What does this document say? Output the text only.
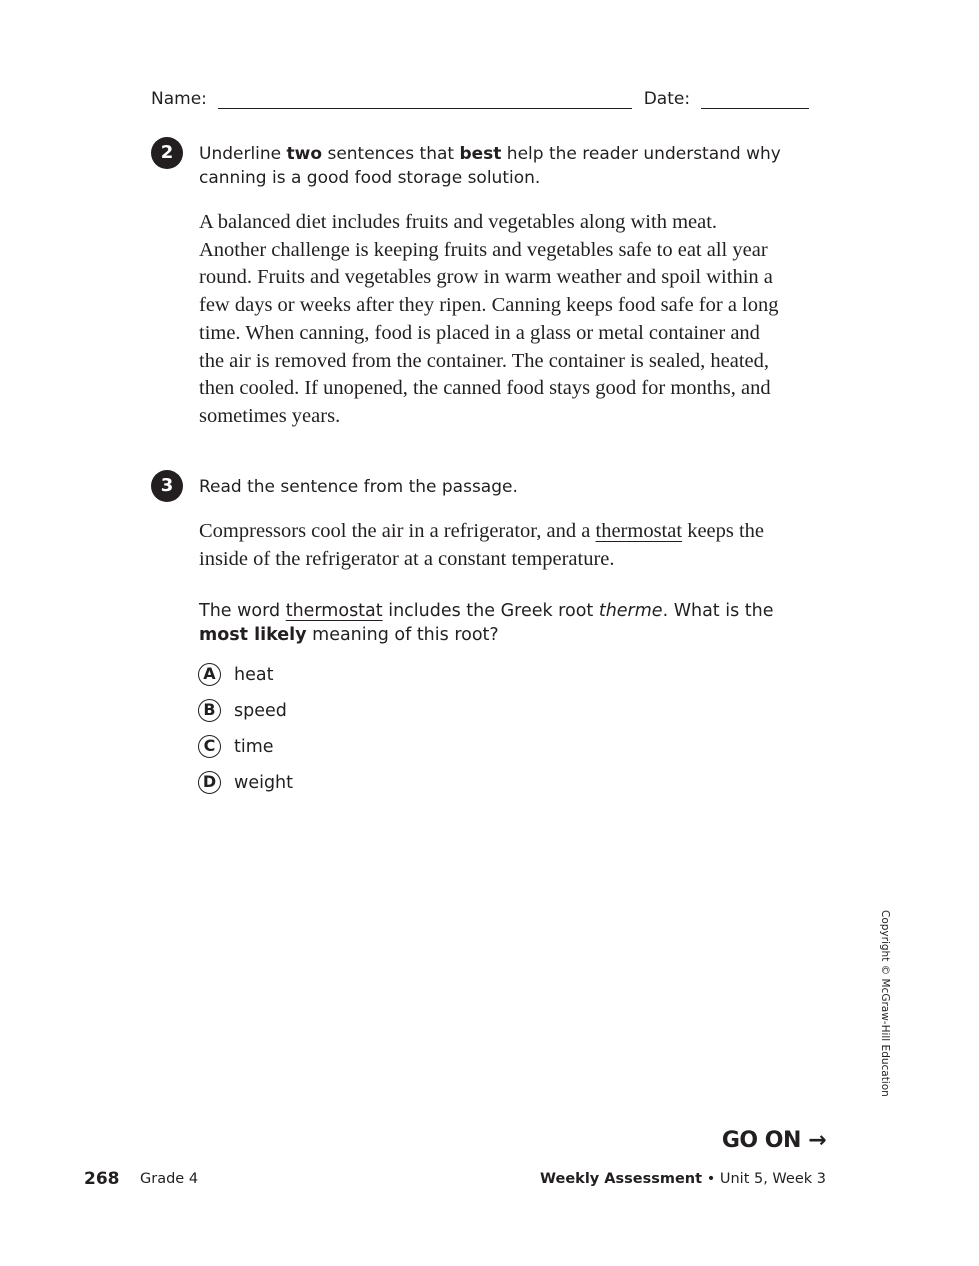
Name:	Date:
2	Underline two sentences that best help the reader understand why
canning is a good food storage solution.
A balanced diet includes fruits and vegetables along with meat.
Another challenge is keeping fruits and vegetables safe to eat all year
round. Fruits and vegetables grow in warm weather and spoil within a
few days or weeks after they ripen. Canning keeps food safe for a long
time. When canning, food is placed in a glass or metal container and
the air is removed from the container. The container is sealed, heated,
then cooled. If unopened, the canned food stays good for months, and
sometimes years.
3	Read the sentence from the passage.
Compressors cool the air in a refrigerator, and a thermostat keeps the
inside of the refrigerator at a constant temperature.
The word thermostat includes the Greek root therme. What is the
most likely meaning of this root?
A	heat
B	speed
C	time
D weight
Copyright © McGraw-Hill Education
GO ON →
268 Grade 4	Weekly Assessment • Unit 5, Week 3
